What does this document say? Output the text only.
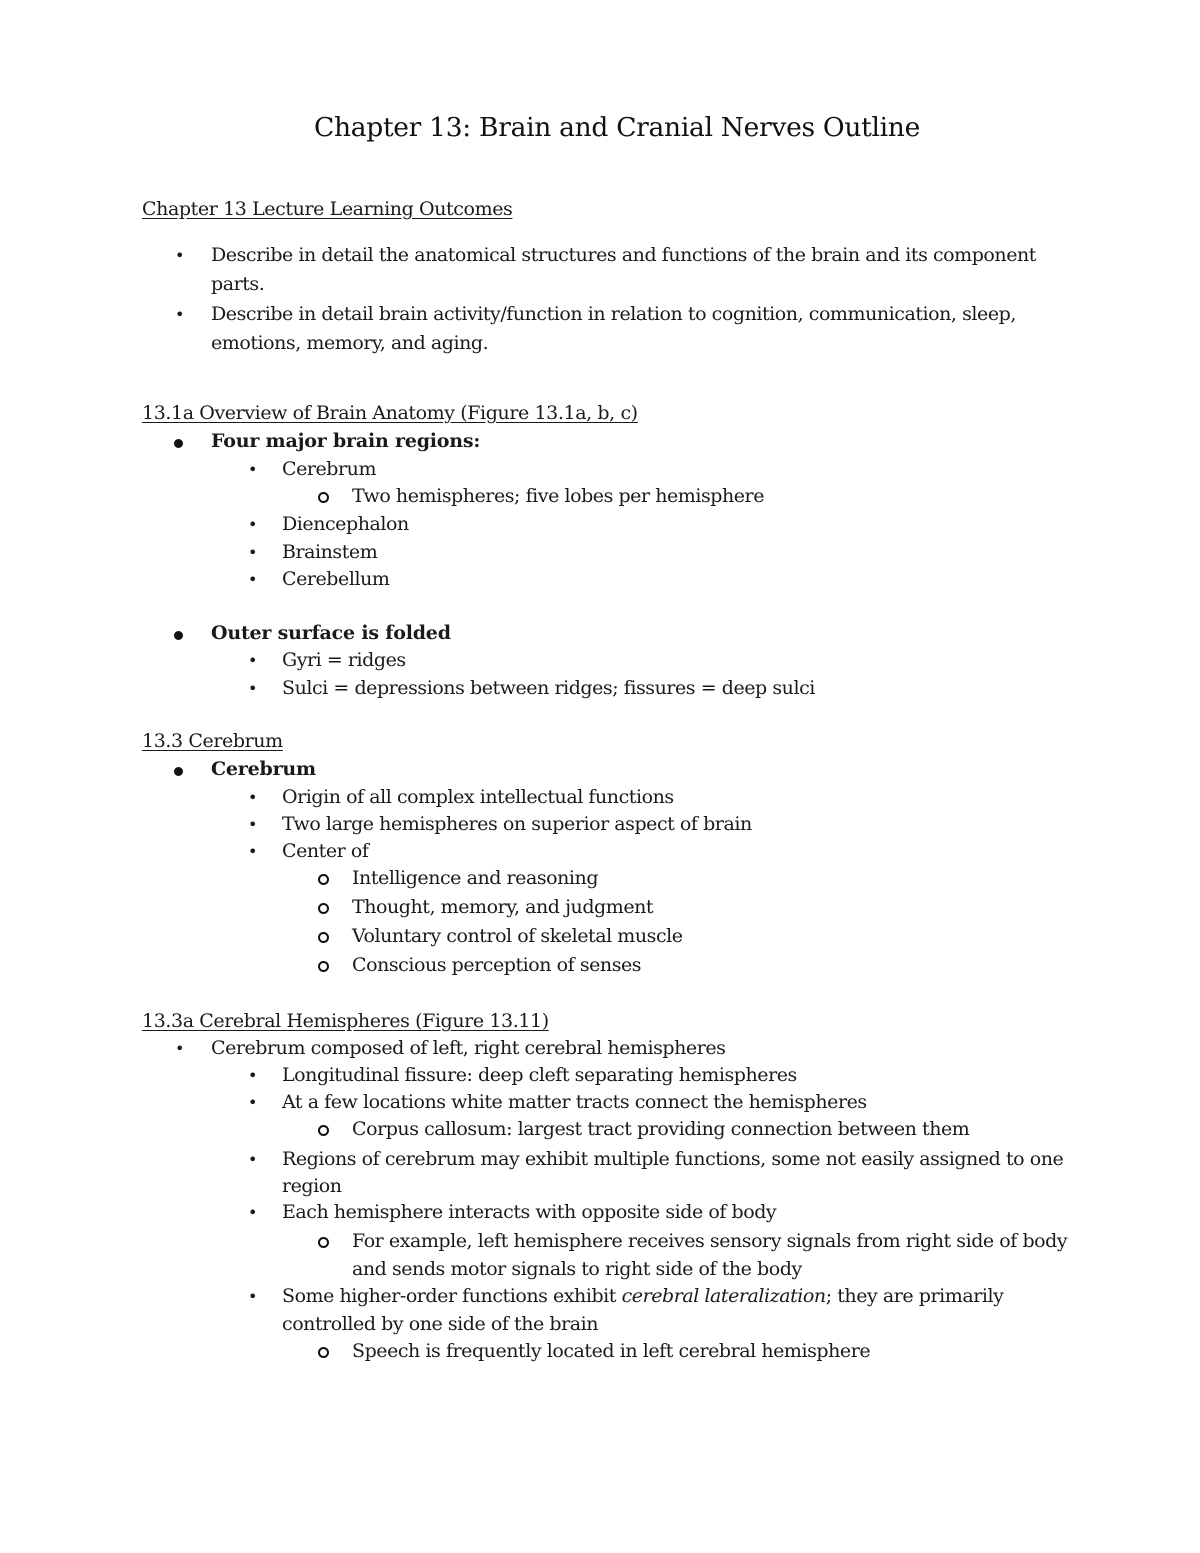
Chapter 13: Brain and Cranial Nerves Outline
Chapter 13 Lecture Learning Outcomes
•
Describe in detail the anatomical structures and functions of the brain and its component
parts.
•
Describe in detail brain activity/function in relation to cognition, communication, sleep,
emotions, memory, and aging.
13.1a Overview of Brain Anatomy (Figure 13.1a, b, c)
Four major brain regions:
•
Cerebrum
Two hemispheres; five lobes per hemisphere
•
Diencephalon
•
Brainstem
•
Cerebellum
Outer surface is folded
•
Gyri = ridges
•
Sulci = depressions between ridges; fissures = deep sulci
13.3 Cerebrum
Cerebrum
•
Origin of all complex intellectual functions
•
Two large hemispheres on superior aspect of brain
•
Center of
Intelligence and reasoning
Thought, memory, and judgment
Voluntary control of skeletal muscle
Conscious perception of senses
13.3a Cerebral Hemispheres (Figure 13.11)
•
Cerebrum composed of left, right cerebral hemispheres
•
Longitudinal fissure: deep cleft separating hemispheres
•
At a few locations white matter tracts connect the hemispheres
Corpus callosum: largest tract providing connection between them
•
Regions of cerebrum may exhibit multiple functions, some not easily assigned to one
region
•
Each hemisphere interacts with opposite side of body
For example, left hemisphere receives sensory signals from right side of body
and sends motor signals to right side of the body
•
Some higher-order functions exhibit cerebral lateralization; they are primarily
controlled by one side of the brain
Speech is frequently located in left cerebral hemisphere
